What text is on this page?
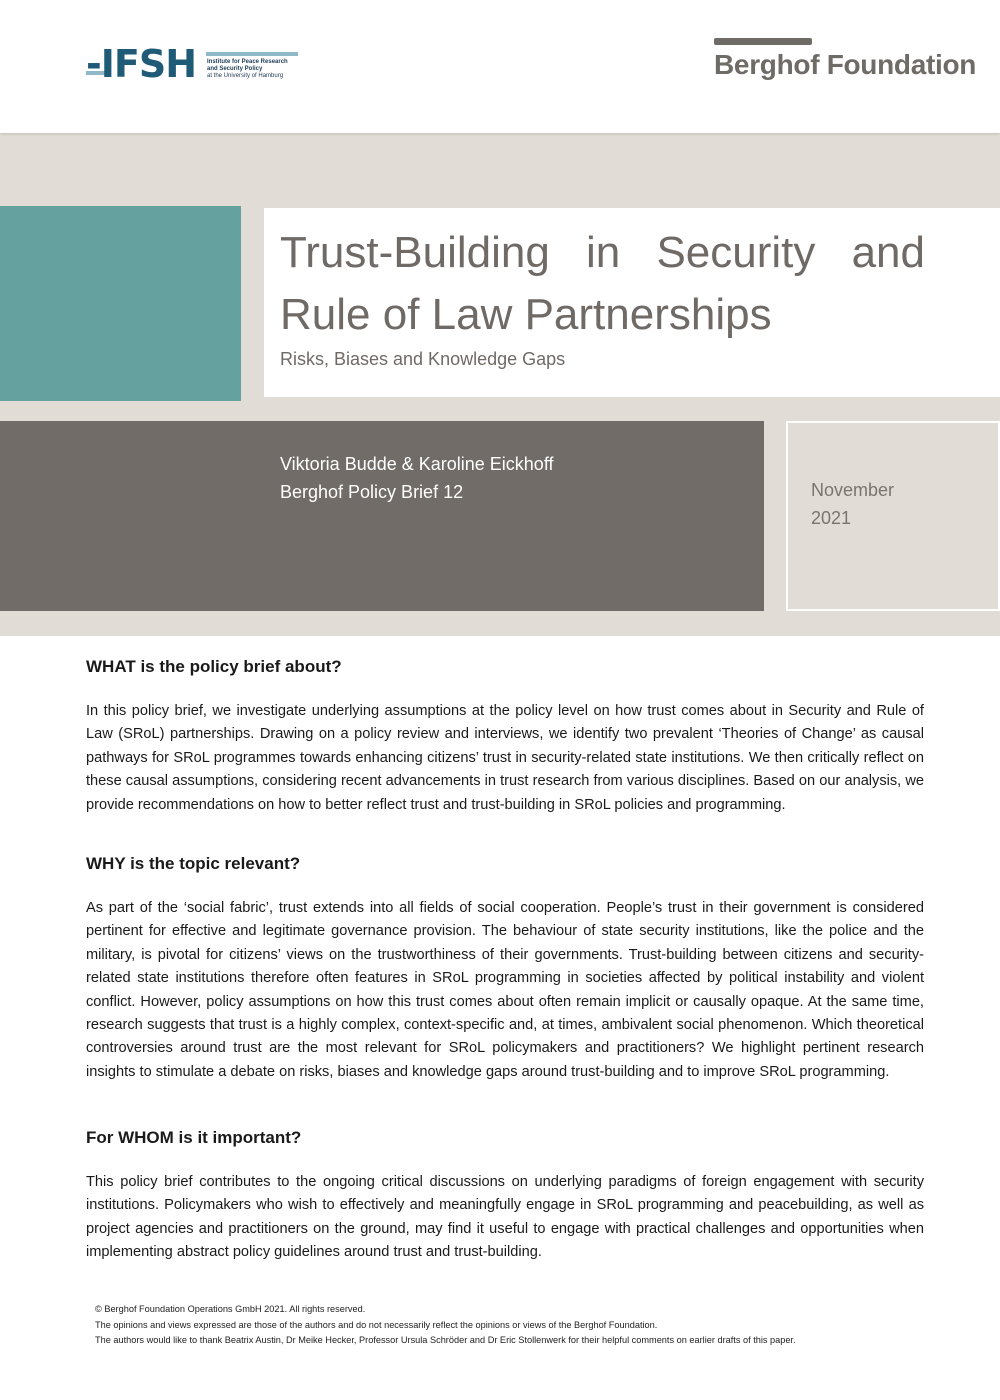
-IFSH Institute for Peace Research
and Security Policy
at the University of Hamburg	Berghof Foundation
Trust-Building in Security and Rule of Law Partnerships
Risks, Biases and Knowledge Gaps
Viktoria Budde & Karoline Eickhoff
Berghof Policy Brief 12	November
2021
WHAT is the policy brief about?
In this policy brief, we investigate underlying assumptions at the policy level on how trust comes about in Security and Rule of Law (SRoL) partnerships. Drawing on a policy review and interviews, we identify two prevalent ‘Theories of Change’ as causal pathways for SRoL programmes towards enhancing citizens’ trust in security-related state institutions. We then critically reflect on these causal assumptions, considering recent advancements in trust research from various disciplines. Based on our analysis, we provide recommendations on how to better reflect trust and trust-building in SRoL policies and programming.
WHY is the topic relevant?
As part of the ‘social fabric’, trust extends into all fields of social cooperation. People’s trust in their government is considered pertinent for effective and legitimate governance provision. The behaviour of state security institutions, like the police and the military, is pivotal for citizens’ views on the trustworthiness of their governments. Trust-building between citizens and security-related state institutions therefore often features in SRoL programming in societies affected by political instability and violent conflict. However, policy assumptions on how this trust comes about often remain implicit or causally opaque. At the same time, research suggests that trust is a highly complex, context-specific and, at times, ambivalent social phenomenon. Which theoretical controversies around trust are the most relevant for SRoL policymakers and practitioners? We highlight pertinent research insights to stimulate a debate on risks, biases and knowledge gaps around trust-building and to improve SRoL programming.
For WHOM is it important?
This policy brief contributes to the ongoing critical discussions on underlying paradigms of foreign engagement with security institutions. Policymakers who wish to effectively and meaningfully engage in SRoL programming and peacebuilding, as well as project agencies and practitioners on the ground, may find it useful to engage with practical challenges and opportunities when implementing abstract policy guidelines around trust and trust-building.
© Berghof Foundation Operations GmbH 2021. All rights reserved.
The opinions and views expressed are those of the authors and do not necessarily reflect the opinions or views of the Berghof Foundation.
The authors would like to thank Beatrix Austin, Dr Meike Hecker, Professor Ursula Schröder and Dr Eric Stollenwerk for their helpful comments on earlier drafts of this paper.
